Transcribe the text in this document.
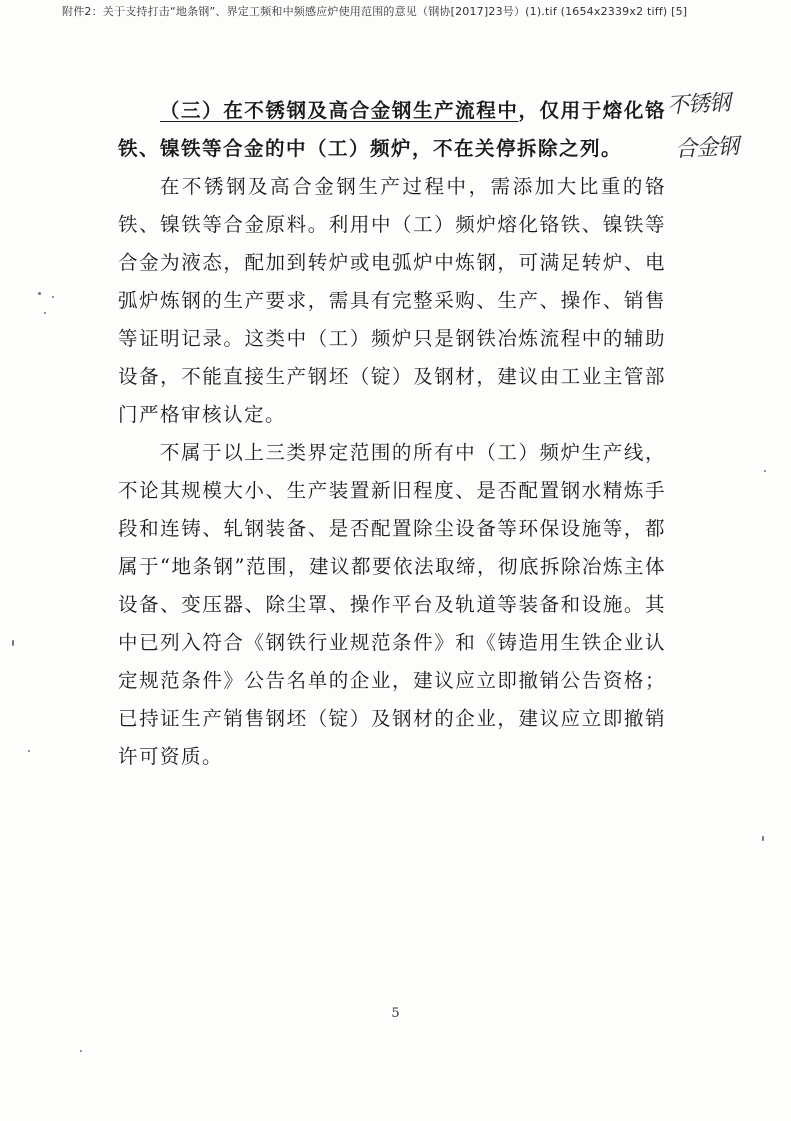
附件2：关于支持打击“地条钢”、界定工频和中频感应炉使用范围的意见（钢协[2017]23号）(1).tif (1654x2339x2 tiff) [5]

（三）在不锈钢及高合金钢生产流程中，仅用于熔化铬铁、镍铁等合金的中（工）频炉，不在关停拆除之列。

在不锈钢及高合金钢生产过程中，需添加大比重的铬铁、镍铁等合金原料。利用中（工）频炉熔化铬铁、镍铁等合金为液态，配加到转炉或电弧炉中炼钢，可满足转炉、电弧炉炼钢的生产要求，需具有完整采购、生产、操作、销售等证明记录。这类中（工）频炉只是钢铁冶炼流程中的辅助设备，不能直接生产钢坯（锭）及钢材，建议由工业主管部门严格审核认定。

不属于以上三类界定范围的所有中（工）频炉生产线，不论其规模大小、生产装置新旧程度、是否配置钢水精炼手段和连铸、轧钢装备、是否配置除尘设备等环保设施等，都属于“地条钢”范围，建议都要依法取缔，彻底拆除冶炼主体设备、变压器、除尘罩、操作平台及轨道等装备和设施。其中已列入符合《钢铁行业规范条件》和《铸造用生铁企业认定规范条件》公告名单的企业，建议应立即撤销公告资格；已持证生产销售钢坯（锭）及钢材的企业，建议应立即撤销许可资质。

不锈钢
合金钢
5
